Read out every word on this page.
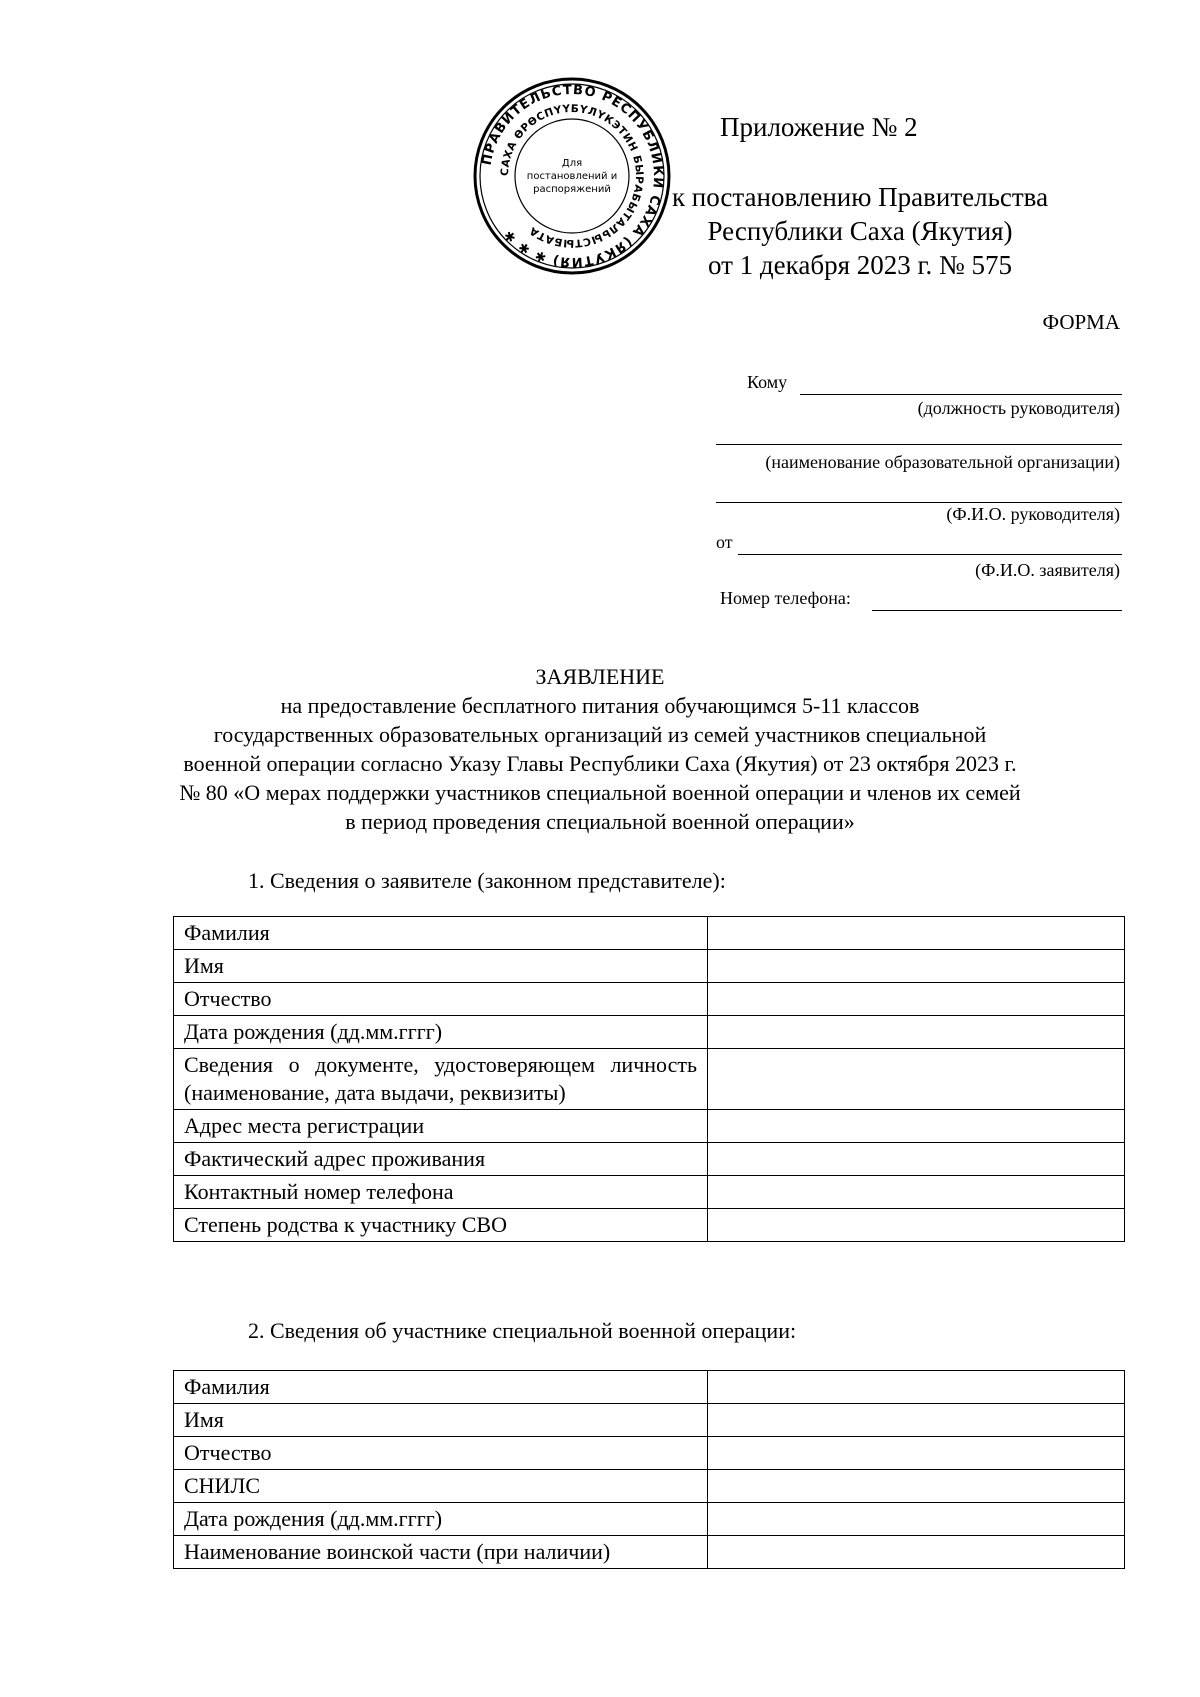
ПРАВИТЕЛЬСТВО РЕСПУБЛИКИ САХА (ЯКУТИЯ) ✱ ✱ ✱
САХА ӨРӨСПҮҮБҮЛҮКЭТИН БЫРАБЫТАЛЬЫСТЫБАТА
Для
постановлений и
распоряжений
Приложение № 2
к постановлению Правительства
Республики Саха (Якутия)
от 1 декабря 2023 г. № 575
ФОРМА
Кому
(должность руководителя)
(наименование образовательной организации)
(Ф.И.О. руководителя)
от
(Ф.И.О. заявителя)
Номер телефона:
ЗАЯВЛЕНИЕ
на предоставление бесплатного питания обучающимся 5-11 классов
государственных образовательных организаций из семей участников специальной
военной операции согласно Указу Главы Республики Саха (Якутия) от 23 октября 2023 г.
№ 80 «О мерах поддержки участников специальной военной операции и членов их семей
в период проведения специальной военной операции»
1. Сведения о заявителе (законном представителе):
Фамилия	
Имя	
Отчество	
Дата рождения (дд.мм.гггг)	
Сведения о документе, удостоверяющем личность (наименование, дата выдачи, реквизиты)	
Адрес места регистрации	
Фактический адрес проживания	
Контактный номер телефона	
Степень родства к участнику СВО	
2. Сведения об участнике специальной военной операции:
Фамилия	
Имя	
Отчество	
СНИЛС	
Дата рождения (дд.мм.гггг)	
Наименование воинской части (при наличии)	
